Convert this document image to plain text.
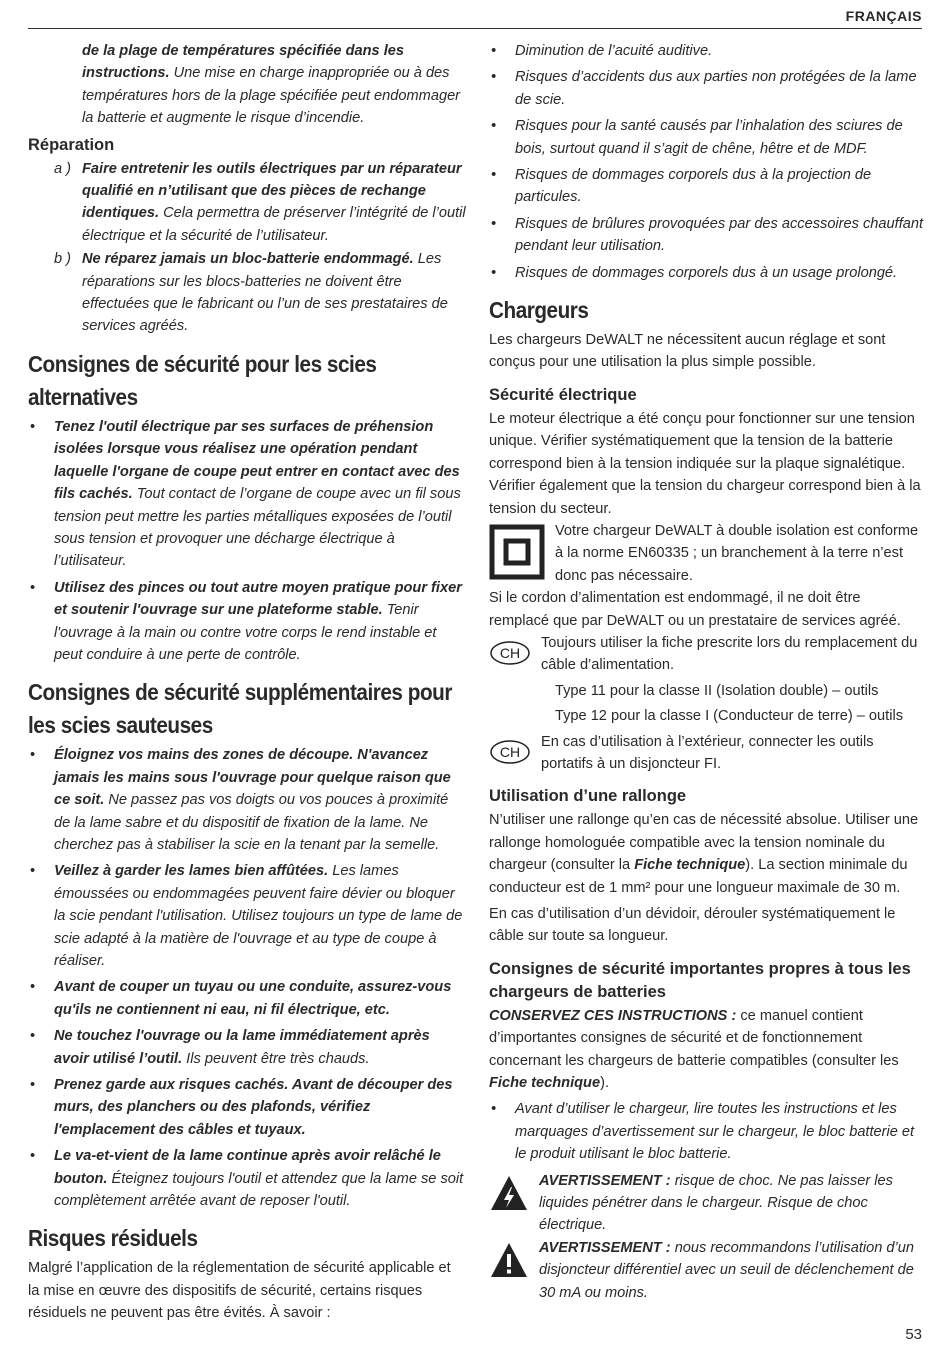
FRANÇAIS

de la plage de températures spécifiée dans les instructions. Une mise en charge inappropriée ou à des températures hors de la plage spécifiée peut endommager la batterie et augmente le risque d’incendie.

Réparation
a ) Faire entretenir les outils électriques par un réparateur qualifié en n’utilisant que des pièces de rechange identiques. Cela permettra de préserver l’intégrité de l’outil électrique et la sécurité de l’utilisateur.
b ) Ne réparez jamais un bloc-batterie endommagé. Les réparations sur les blocs-batteries ne doivent être effectuées que le fabricant ou l’un de ses prestataires de services agréés.
Consignes de sécurité pour les scies alternatives
• Tenez l'outil électrique par ses surfaces de préhension isolées lorsque vous réalisez une opération pendant laquelle l'organe de coupe peut entrer en contact avec des fils cachés. Tout contact de l’organe de coupe avec un fil sous tension peut mettre les parties métalliques exposées de l’outil sous tension et provoquer une décharge électrique à l’utilisateur.
• Utilisez des pinces ou tout autre moyen pratique pour fixer et soutenir l'ouvrage sur une plateforme stable. Tenir l'ouvrage à la main ou contre votre corps le rend instable et peut conduire à une perte de contrôle.
Consignes de sécurité supplémentaires pour les scies sauteuses
• Éloignez vos mains des zones de découpe. N'avancez jamais les mains sous l'ouvrage pour quelque raison que ce soit. Ne passez pas vos doigts ou vos pouces à proximité de la lame sabre et du dispositif de fixation de la lame. Ne cherchez pas à stabiliser la scie en la tenant par la semelle.
• Veillez à garder les lames bien affûtées. Les lames émoussées ou endommagées peuvent faire dévier ou bloquer la scie pendant l'utilisation. Utilisez toujours un type de lame de scie adapté à la matière de l'ouvrage et au type de coupe à réaliser.
• Avant de couper un tuyau ou une conduite, assurez-vous qu'ils ne contiennent ni eau, ni fil électrique, etc.
• Ne touchez l'ouvrage ou la lame immédiatement après avoir utilisé l’outil. Ils peuvent être très chauds.
• Prenez garde aux risques cachés. Avant de découper des murs, des planchers ou des plafonds, vérifiez l'emplacement des câbles et tuyaux.
• Le va-et-vient de la lame continue après avoir relâché le bouton. Éteignez toujours l'outil et attendez que la lame se soit complètement arrêtée avant de reposer l'outil.
Risques résiduels

Malgré l’application de la réglementation de sécurité applicable et la mise en œuvre des dispositifs de sécurité, certains risques résiduels ne peuvent pas être évités. À savoir :

• Diminution de l’acuité auditive.
• Risques d’accidents dus aux parties non protégées de la lame de scie.
• Risques pour la santé causés par l’inhalation des sciures de bois, surtout quand il s’agit de chêne, hêtre et de MDF.
• Risques de dommages corporels dus à la projection de particules.
• Risques de brûlures provoquées par des accessoires chauffant pendant leur utilisation.
• Risques de dommages corporels dus à un usage prolongé.
Chargeurs

Les chargeurs DeWALT ne nécessitent aucun réglage et sont conçus pour une utilisation la plus simple possible.

Sécurité électrique

Le moteur électrique a été conçu pour fonctionner sur une tension unique. Vérifier systématiquement que la tension de la batterie correspond bien à la tension indiquée sur la plaque signalétique. Vérifier également que la tension du chargeur correspond bien à la tension du secteur.

Votre chargeur DeWALT à double isolation est conforme à la norme EN60335 ; un branchement à la terre n’est donc pas nécessaire.

Si le cordon d’alimentation est endommagé, il ne doit être remplacé que par DeWALT ou un prestataire de services agréé.

CH

Toujours utiliser la fiche prescrite lors du remplacement du câble d’alimentation.

Type 11 pour la classe II (Isolation double) – outils

Type 12 pour la classe I (Conducteur de terre) – outils

CH

En cas d’utilisation à l’extérieur, connecter les outils portatifs à un disjoncteur FI.

Utilisation d’une rallonge

N’utiliser une rallonge qu’en cas de nécessité absolue. Utiliser une rallonge homologuée compatible avec la tension nominale du chargeur (consulter la Fiche technique). La section minimale du conducteur est de 1 mm² pour une longueur maximale de 30 m.

En cas d’utilisation d’un dévidoir, dérouler systématiquement le câble sur toute sa longueur.

Consignes de sécurité importantes propres à tous les chargeurs de batteries

CONSERVEZ CES INSTRUCTIONS : ce manuel contient d’importantes consignes de sécurité et de fonctionnement concernant les chargeurs de batterie compatibles (consulter les Fiche technique).

• Avant d’utiliser le chargeur, lire toutes les instructions et les marquages d’avertissement sur le chargeur, le bloc batterie et le produit utilisant le bloc batterie.

AVERTISSEMENT : risque de choc. Ne pas laisser les liquides pénétrer dans le chargeur. Risque de choc électrique.

AVERTISSEMENT : nous recommandons l’utilisation d’un disjoncteur différentiel avec un seuil de déclenchement de 30 mA ou moins.

53
